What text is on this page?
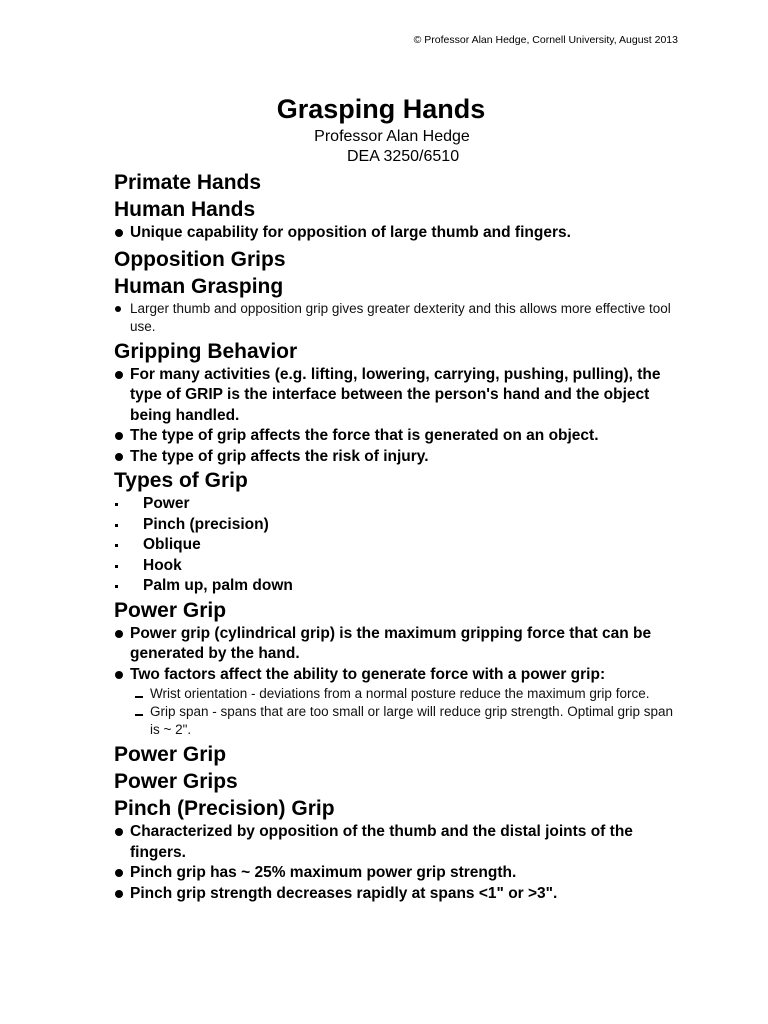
© Professor Alan Hedge, Cornell University, August 2013
Grasping Hands
Professor Alan Hedge
DEA 3250/6510
Primate Hands
Human Hands
Unique capability for opposition of large thumb and fingers.
Opposition Grips
Human Grasping
Larger thumb and opposition grip gives greater dexterity and this allows more effective tool use.
Gripping Behavior
For many activities (e.g. lifting, lowering, carrying, pushing, pulling), the type of GRIP is the interface between the person's hand and the object being handled.
The type of grip affects the force that is generated on an object.
The type of grip affects the risk of injury.
Types of Grip
Power
Pinch (precision)
Oblique
Hook
Palm up, palm down
Power Grip
Power grip (cylindrical grip) is the maximum gripping force that can be generated by the hand.
Two factors affect the ability to generate force with a power grip:
Wrist orientation - deviations from a normal posture reduce the maximum grip force.
Grip span - spans that are too small or large will reduce grip strength. Optimal grip span is ~ 2".
Power Grip
Power Grips
Pinch (Precision) Grip
Characterized by opposition of the thumb and the distal joints of the fingers.
Pinch grip has ~ 25% maximum power grip strength.
Pinch grip strength decreases rapidly at spans <1" or >3".
